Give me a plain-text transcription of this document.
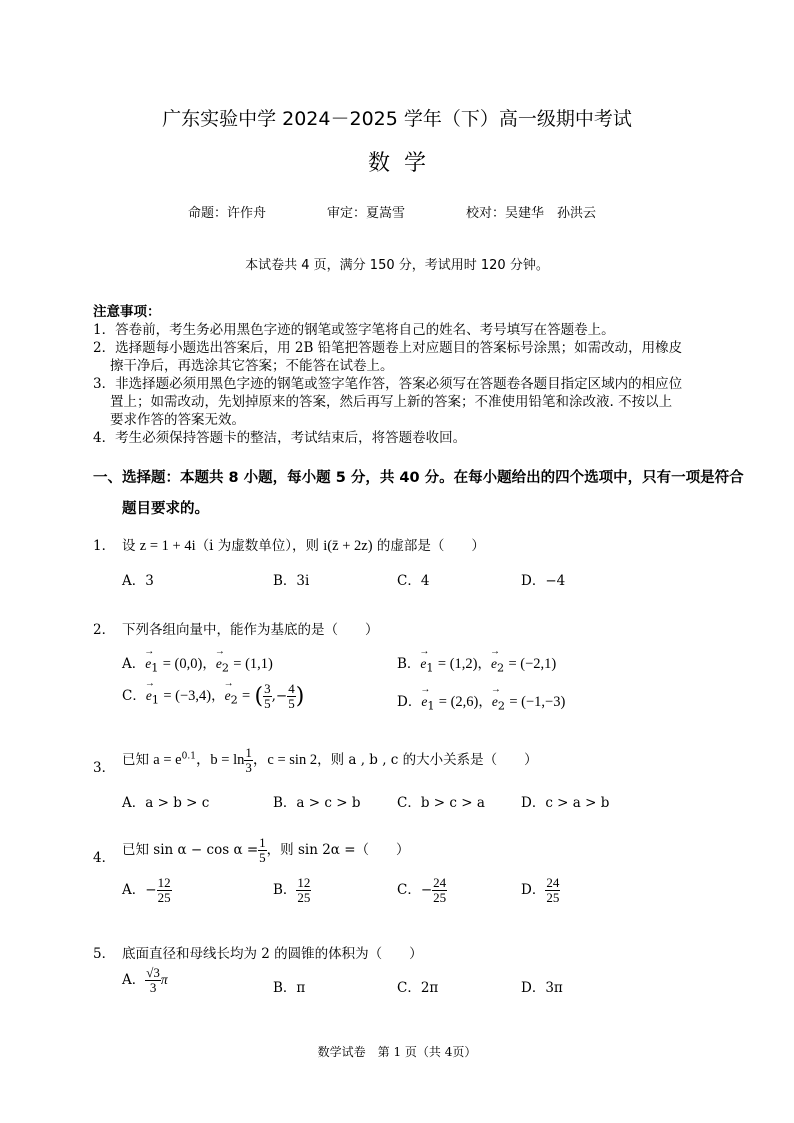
广东实验中学 2024－2025 学年（下）高一级期中考试
数学
命题：许作舟	审定：夏嵩雪	校对：吴建华　孙洪云
本试卷共 4 页，满分 150 分，考试用时 120 分钟。
注意事项：
1．答卷前，考生务必用黑色字迹的钢笔或签字笔将自己的姓名、考号填写在答题卷上。
2．选择题每小题选出答案后，用 2B 铅笔把答题卷上对应题目的答案标号涂黑；如需改动，用橡皮
擦干净后，再选涂其它答案；不能答在试卷上。
3．非选择题必须用黑色字迹的钢笔或签字笔作答，答案必须写在答题卷各题目指定区域内的相应位
置上；如需改动，先划掉原来的答案，然后再写上新的答案；不准使用铅笔和涂改液. 不按以上
要求作答的答案无效。
4．考生必须保持答题卡的整洁，考试结束后，将答题卷收回。
一、选择题：本题共 8 小题，每小题 5 分，共 40 分。在每小题给出的四个选项中，只有一项是符合
题目要求的。
1． 设 z = 1 + 4i（i 为虚数单位），则 i(z̄ + 2z) 的虚部是（　　）
A．3	B．3i	C．4	D．−4
2． 下列各组向量中，能作为基底的是（　　）
A．→ $e_1 = (0,0)$，→ $e_2 = (1,1)$	B．→ $e_1 = (1,2)$，→ $e_2 = (-2,1)$
C．→ $e_1 = (-3,4)$，→ $e_2$ = ( $\frac{3}{5}$ ,− $\frac{4}{5}$ )	D．→ $e_1 = (2,6)$，→ $e_2 = (-1,-3)$
3． 已知 $a = e^{0.1}$，$b = \ln \frac{1}{3}$ ，c = sin 2，则 a , b , c 的大小关系是（　　）
A．a > b > c	B．a > c > b	C．b > c > a	D．c > a > b
4． 已知 $\sin \alpha - \cos \alpha = \frac{1}{5}$ ，则 sin 2α =（　　）
A．− $\frac{12}{25}$	B． $\frac{12}{25}$	C．− $\frac{24}{25}$	D． $\frac{24}{25}$
5． 底面直径和母线长均为 2 的圆锥的体积为（　　）
A． $\frac{√3}{3}$ π
B．π	C．2π	D．3π
数学试卷　第 1 页（共 4页）
